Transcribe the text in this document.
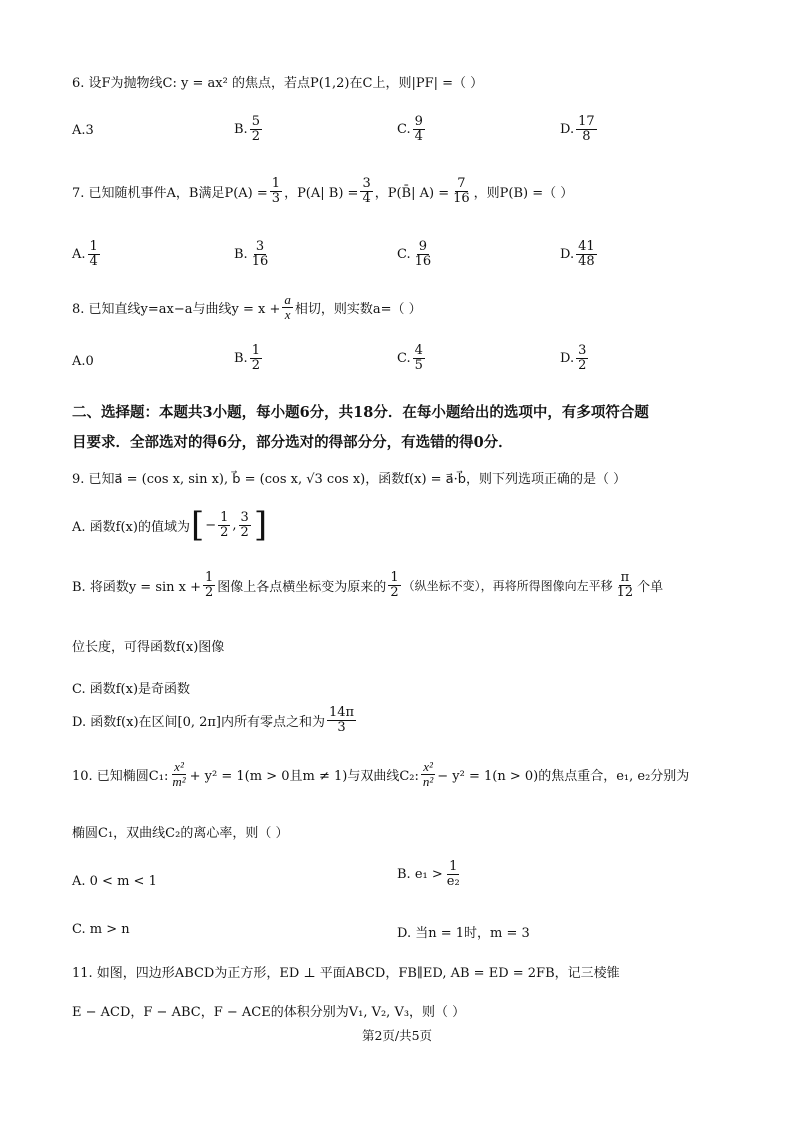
6. 设F为抛物线C: y = ax² 的焦点，若点P(1,2)在C上，则|PF| =（ ）
A. 3	B. $\frac{5}{2}$	C. $\frac{9}{4}$	D. $\frac{17}{8}$
7. 已知随机事件A，B满足$P(A) = \frac{1}{3}$ ，P(A| $B) = \frac{3}{4}$ ，P(B̄| $A) = \frac{7}{16}$ ，则P(B) =（ ）
A. $\frac{1}{4}$	B. $\frac{3}{16}$	C. $\frac{9}{16}$	D. $\frac{41}{48}$
8. 已知直线y=ax−a与曲线$y = x + \frac{a}{x}$ 相切，则实数a=（ ）
A. 0	B. $\frac{1}{2}$	C. $\frac{4}{5}$	D. $\frac{3}{2}$
二、选择题：本题共3小题，每小题6分，共18分．在每小题给出的选项中，有多项符合题
目要求．全部选对的得6分，部分选对的得部分分，有选错的得0分．
9. 已知a⃗ = (cos x, sin x), b⃗ = (cos x, √3 cos x)，函数f(x) = a⃗·b⃗，则下列选项正确的是（ ）
A. 函数f(x)的值域为 [ − $\frac{1}{2}$ , $\frac{3}{2}$ ]
B. 将函数$y = \sin x + \frac{1}{2}$ 图像上各点横坐标变为原来的 $\frac{1}{2}$ （纵坐标不变），再将所得图像向左平移 $\frac{\pi}{12}$ 个单
位长度，可得函数f(x)图像
C. 函数f(x)是奇函数
D. 函数f(x)在区间[0, 2π]内所有零点之和为 $\frac{14\pi}{3}$
10. 已知椭圆C₁: $\frac{\text{x²}}{\text{m²}} + y^2 = 1(m > 0$且m ≠ 1)与双曲线C₂: $\frac{\text{x²}}{\text{n²}} - y^2 = 1(n > 0)$的焦点重合，e₁, e₂分别为
椭圆C₁，双曲线C₂的离心率，则（ ）
A. 0 < m < 1	B. $e_1 > \frac{1}{\text{e₂}}$
C. m > n	D. 当n = 1时，m = 3
11. 如图，四边形ABCD为正方形，ED ⊥ 平面ABCD，FB∥ED, AB = ED = 2FB，记三棱锥
E − ACD，F − ABC，F − ACE的体积分别为V₁, V₂, V₃，则（ ）
第2页/共5页
